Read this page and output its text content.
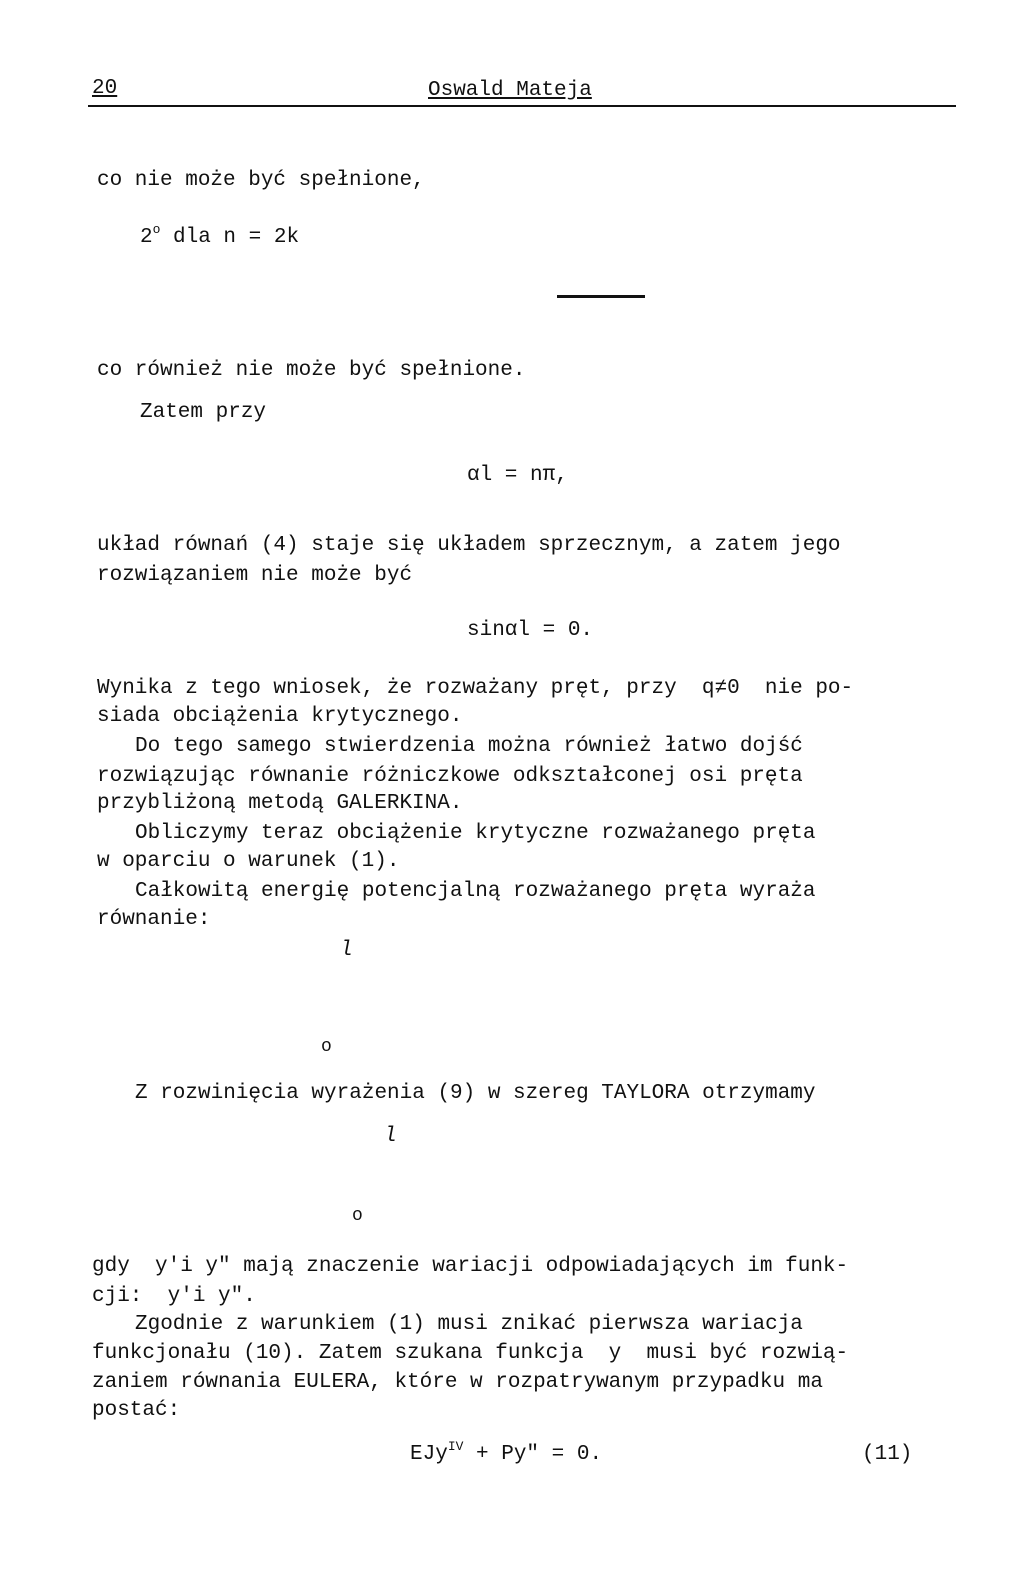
20	Oswald Mateja
co nie może być spełnione,
2$^o$ dla n = 2k
co również nie może być spełnione.
Zatem przy
αl = nπ,
układ równań (4) staje się układem sprzecznym, a zatem jego
rozwiązaniem nie może być
sinαl = 0.
Wynika z tego wniosek, że rozważany pręt, przy  q≠0  nie po-
siada obciążenia krytycznego.
Do tego samego stwierdzenia można również łatwo dojść
rozwiązując równanie różniczkowe odkształconej osi pręta
przybliżoną metodą GALERKINA.
Obliczymy teraz obciążenie krytyczne rozważanego pręta
w oparciu o warunek (1).
Całkowitą energię potencjalną rozważanego pręta wyraża
równanie:
l
o
Z rozwinięcia wyrażenia (9) w szereg TAYLORA otrzymamy
l
o
gdy  y'i y" mają znaczenie wariacji odpowiadających im funk-
cji:  y'i y".
Zgodnie z warunkiem (1) musi znikać pierwsza wariacja
funkcjonału (10). Zatem szukana funkcja  y  musi być rozwią-
zaniem równania EULERA, które w rozpatrywanym przypadku ma
postać:
EJy$^{IV}$ + Py" = 0.	(11)
